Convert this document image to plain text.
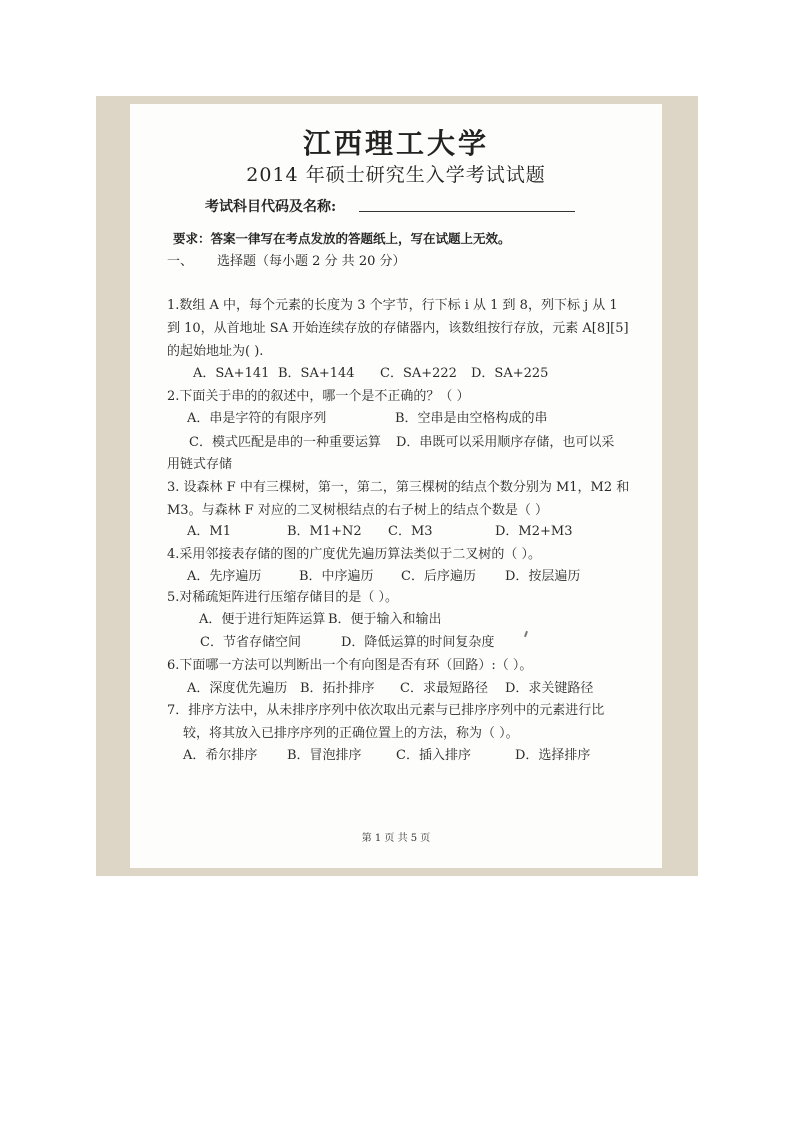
江西理工大学
2014 年硕士研究生入学考试试题
考试科目代码及名称:
要求：答案一律写在考点发放的答题纸上，写在试题上无效。
一、 选择题（每小题 2 分 共 20 分）
1.数组 A 中，每个元素的长度为 3 个字节，行下标 i 从 1 到 8，列下标 j 从 1
到 10，从首地址 SA 开始连续存放的存储器内，该数组按行存放，元素 A[8][5]
的起始地址为( ).
A．SA+141 B．SA+144 C．SA+222 D．SA+225
2.下面关于串的的叙述中，哪一个是不正确的？（ ）
A．串是字符的有限序列	B．空串是由空格构成的串
C．模式匹配是串的一种重要运算 D．串既可以采用顺序存储，也可以采
用链式存储
3. 设森林 F 中有三棵树，第一，第二，第三棵树的结点个数分别为 M1，M2 和
M3。与森林 F 对应的二叉树根结点的右子树上的结点个数是（ ）
A．M1	B．M1+N2 C．M3	D．M2+M3
4.采用邻接表存储的图的广度优先遍历算法类似于二叉树的（ ）。
A．先序遍历	B．中序遍历 C．后序遍历 D．按层遍历
5.对稀疏矩阵进行压缩存储目的是（ ）。
A．便于进行矩阵运算 B．便于输入和输出
C．节省存储空间	D．降低运算的时间复杂度
6.下面哪一方法可以判断出一个有向图是否有环（回路）:（ ）。
A．深度优先遍历 B．拓扑排序 C．求最短路径 D．求关键路径
7．排序方法中，从未排序序列中依次取出元素与已排序序列中的元素进行比
较，将其放入已排序序列的正确位置上的方法，称为（ ）。
A．希尔排序 B．冒泡排序	C．插入排序	D．选择排序
第 1 页 共 5 页
